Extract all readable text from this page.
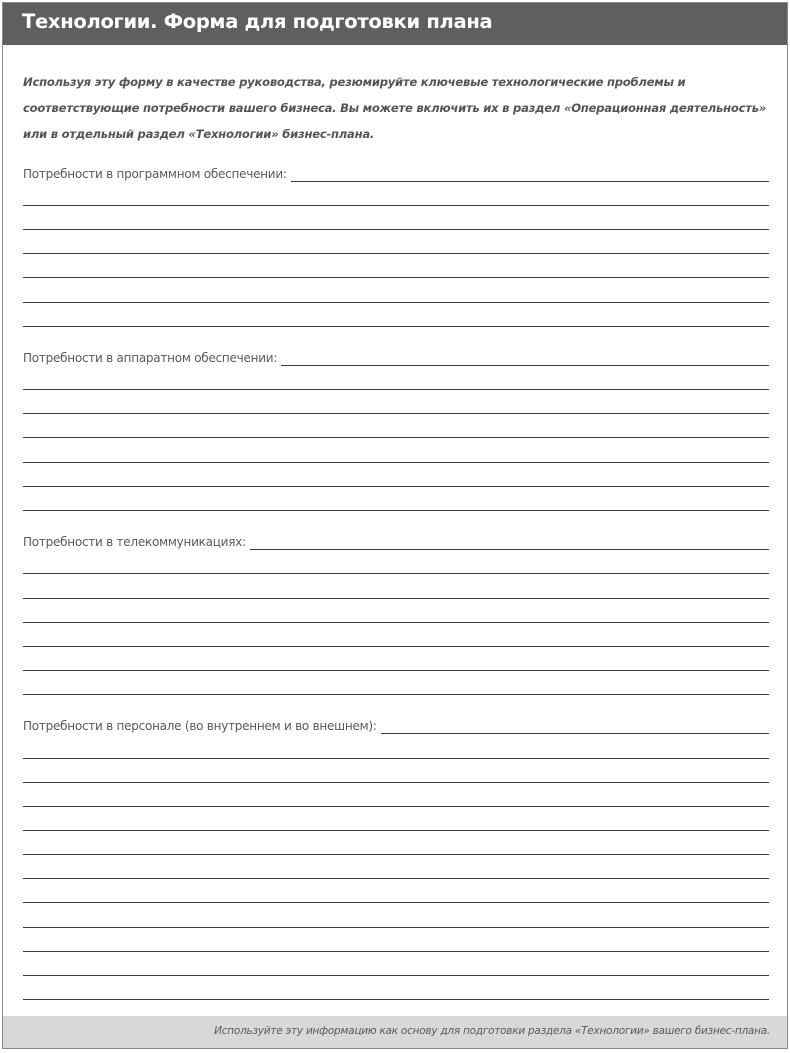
Технологии. Форма для подготовки плана

Используя эту форму в качестве руководства, резюмируйте ключевые технологические проблемы и соответствующие потребности вашего бизнеса. Вы можете включить их в раздел «Операционная деятельность» или в отдельный раздел «Технологии» бизнес-плана.

Потребности в программном обеспечении:
Потребности в аппаратном обеспечении:
Потребности в телекоммуникациях:
Потребности в персонале (во внутреннем и во внешнем):
Используйте эту информацию как основу для подготовки раздела «Технологии» вашего бизнес-плана.
